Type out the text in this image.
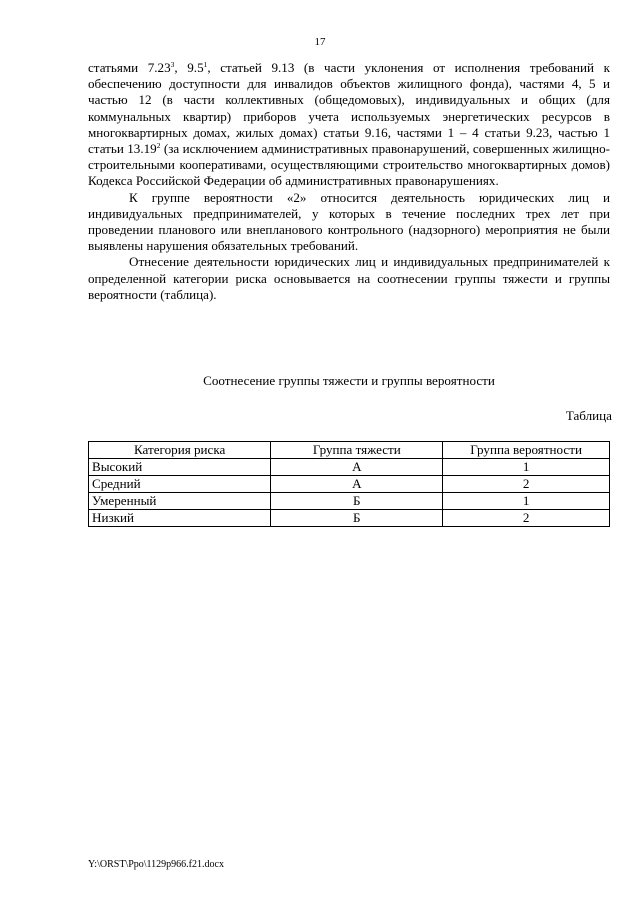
17

статьями 7.23$^3$, $9.5^1$, статьей 9.13 (в части уклонения от исполнения требований к обеспечению доступности для инвалидов объектов жилищного фонда), частями 4, 5 и частью 12 (в части коллективных (общедомовых), индивидуальных и общих (для коммунальных квартир) приборов учета используемых энергетических ресурсов в многоквартирных домах, жилых домах) статьи 9.16, частями 1 – 4 статьи 9.23, частью 1 статьи 13.19$^2$ (за исключением административных правонарушений, совершенных жилищно-строительными кооперативами, осуществляющими строительство многоквартирных домов) Кодекса Российской Федерации об административных правонарушениях.

К группе вероятности «2» относится деятельность юридических лиц и индивидуальных предпринимателей, у которых в течение последних трех лет при проведении планового или внепланового контрольного (надзорного) мероприятия не были выявлены нарушения обязательных требований.

Отнесение деятельности юридических лиц и индивидуальных предпринимателей к определенной категории риска основывается на соотнесении группы тяжести и группы вероятности (таблица).

Соотнесение группы тяжести и группы вероятности
Таблица
Категория риска	Группа тяжести	Группа вероятности
Высокий	А	1
Средний	А	2
Умеренный	Б	1
Низкий	Б	2
Y:\ORST\Ppo\1129p966.f21.docx
